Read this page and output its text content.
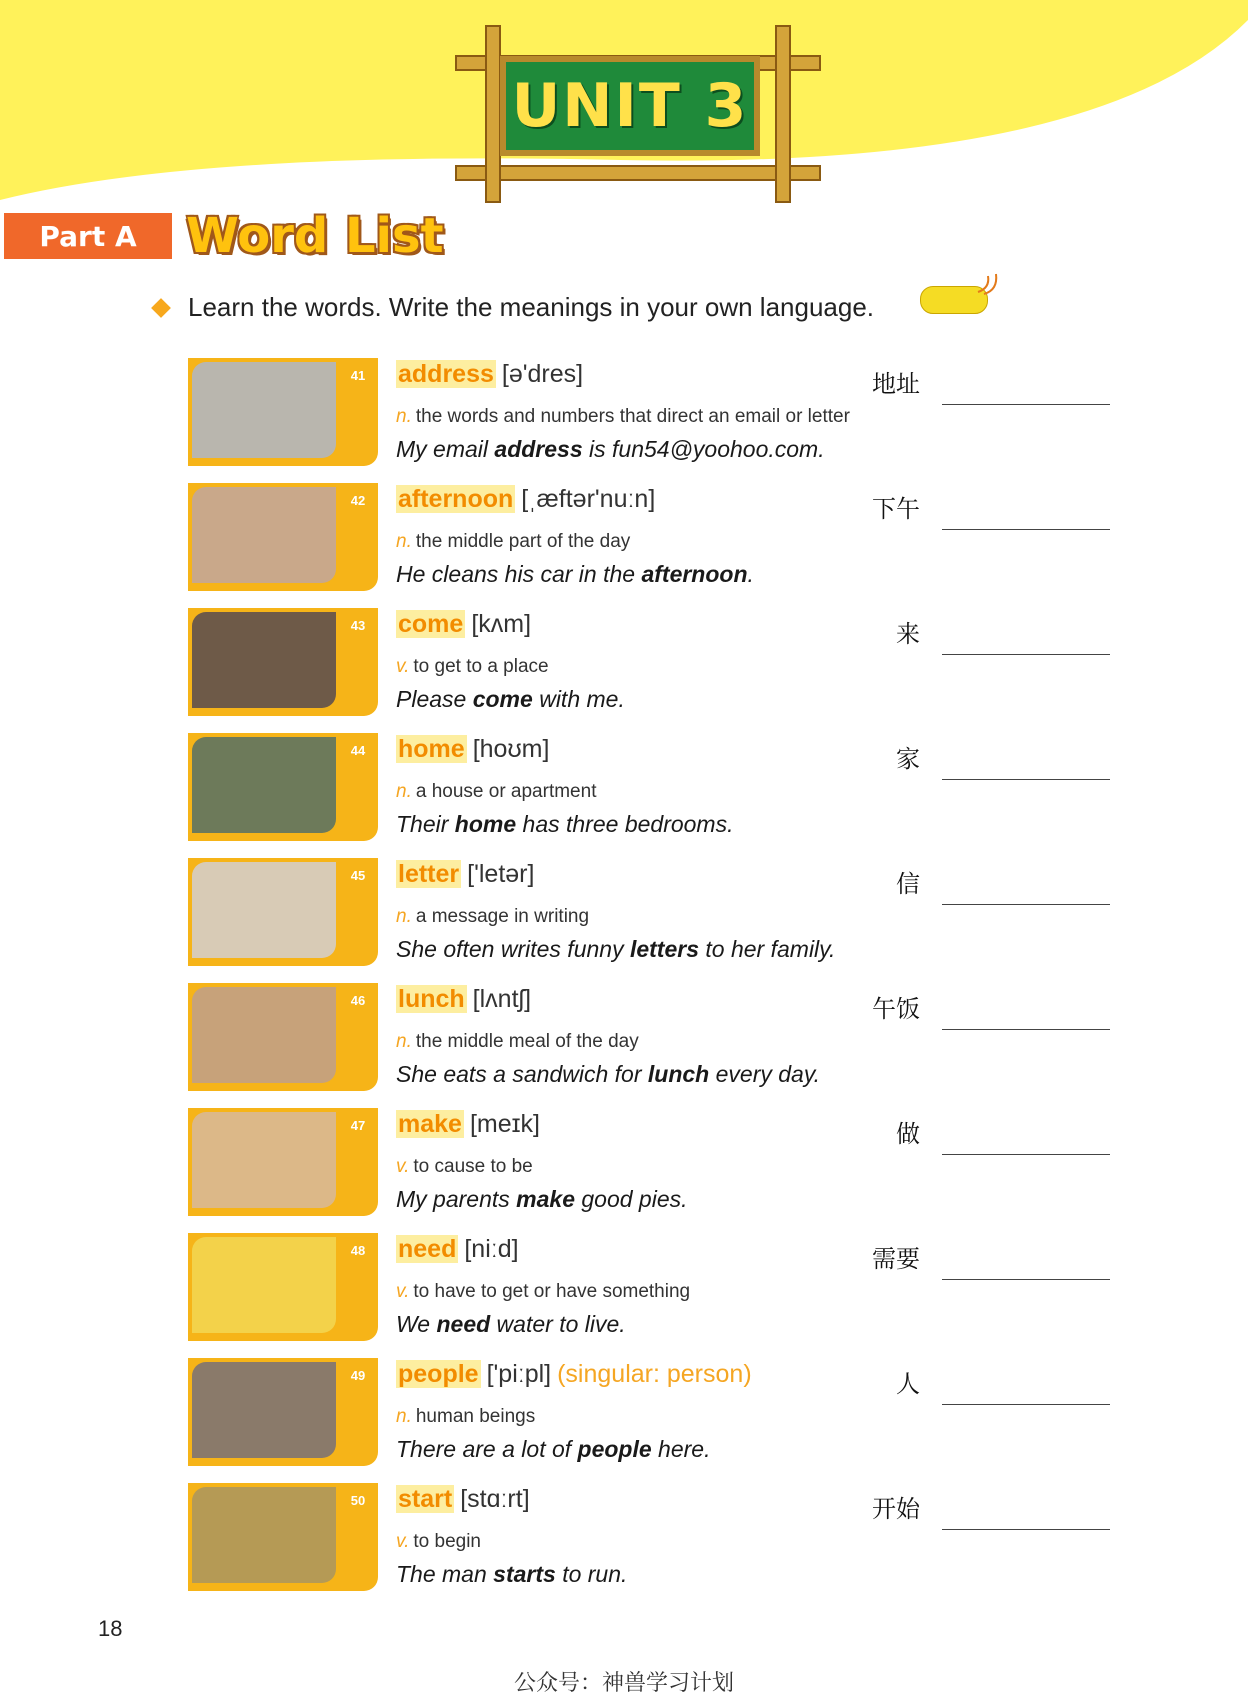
UNIT 3
Part A	Word List
Learn the words. Write the meanings in your own language.
41 address [ə'dres]
n. the words and numbers that direct an email or letter
My email address is fun54@yoohoo.com.
地址
42 afternoon [ˌæftər'nuːn]
n. the middle part of the day
He cleans his car in the afternoon.
下午
43 come [kʌm]
v. to get to a place
Please come with me.
来
44 home [hoʊm]
n. a house or apartment
Their home has three bedrooms.
家
45 letter ['letər]
n. a message in writing
She often writes funny letters to her family.
信
46 lunch [lʌntʃ]
n. the middle meal of the day
She eats a sandwich for lunch every day.
午饭
47 make [meɪk]
v. to cause to be
My parents make good pies.
做
48 need [niːd]
v. to have to get or have something
We need water to live.
需要
49 people ['piːpl] (singular: person)
n. human beings
There are a lot of people here.
人
50 start [stɑːrt]
v. to begin
The man starts to run.
开始
18
公众号：神兽学习计划
